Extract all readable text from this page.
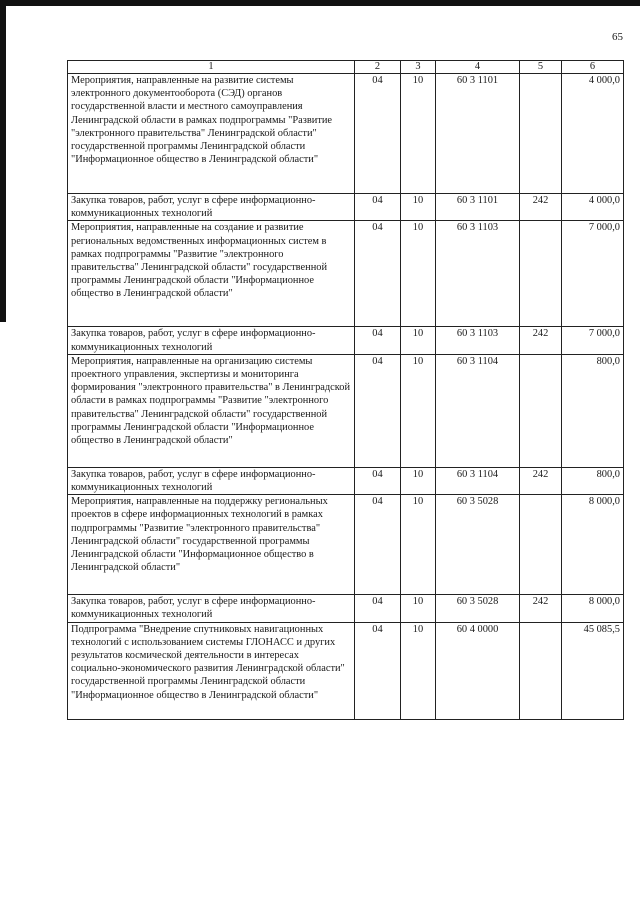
65
1	2	3	4	5	6
Мероприятия, направленные на развитие системы электронного документооборота (СЭД) органов государственной власти и местного самоуправления Ленинградской области в рамках подпрограммы "Развитие "электронного правительства" Ленинградской области" государственной программы Ленинградской области "Информационное общество в Ленинградской области"	04	10	60 3 1101		4 000,0
Закупка товаров, работ, услуг в сфере информационно-коммуникационных технологий	04	10	60 3 1101	242	4 000,0
Мероприятия, направленные на создание и развитие региональных ведомственных информационных систем в рамках подпрограммы "Развитие "электронного правительства" Ленинградской области" государственной программы Ленинградской области "Информационное общество в Ленинградской области"	04	10	60 3 1103		7 000,0
Закупка товаров, работ, услуг в сфере информационно-коммуникационных технологий	04	10	60 3 1103	242	7 000,0
Мероприятия, направленные на организацию системы проектного управления, экспертизы и мониторинга формирования "электронного правительства" в Ленинградской области в рамках подпрограммы "Развитие "электронного правительства" Ленинградской области" государственной программы Ленинградской области "Информационное общество в Ленинградской области"	04	10	60 3 1104		800,0
Закупка товаров, работ, услуг в сфере информационно-коммуникационных технологий	04	10	60 3 1104	242	800,0
Мероприятия, направленные на поддержку региональных проектов в сфере информационных технологий в рамках подпрограммы "Развитие "электронного правительства" Ленинградской области" государственной программы Ленинградской области "Информационное общество в Ленинградской области"	04	10	60 3 5028		8 000,0
Закупка товаров, работ, услуг в сфере информационно-коммуникационных технологий	04	10	60 3 5028	242	8 000,0
Подпрограмма "Внедрение спутниковых навигационных технологий с использованием системы ГЛОНАСС и других результатов космической деятельности в интересах социально-экономического развития Ленинградской области" государственной программы Ленинградской области "Информационное общество в Ленинградской области"	04	10	60 4 0000		45 085,5
